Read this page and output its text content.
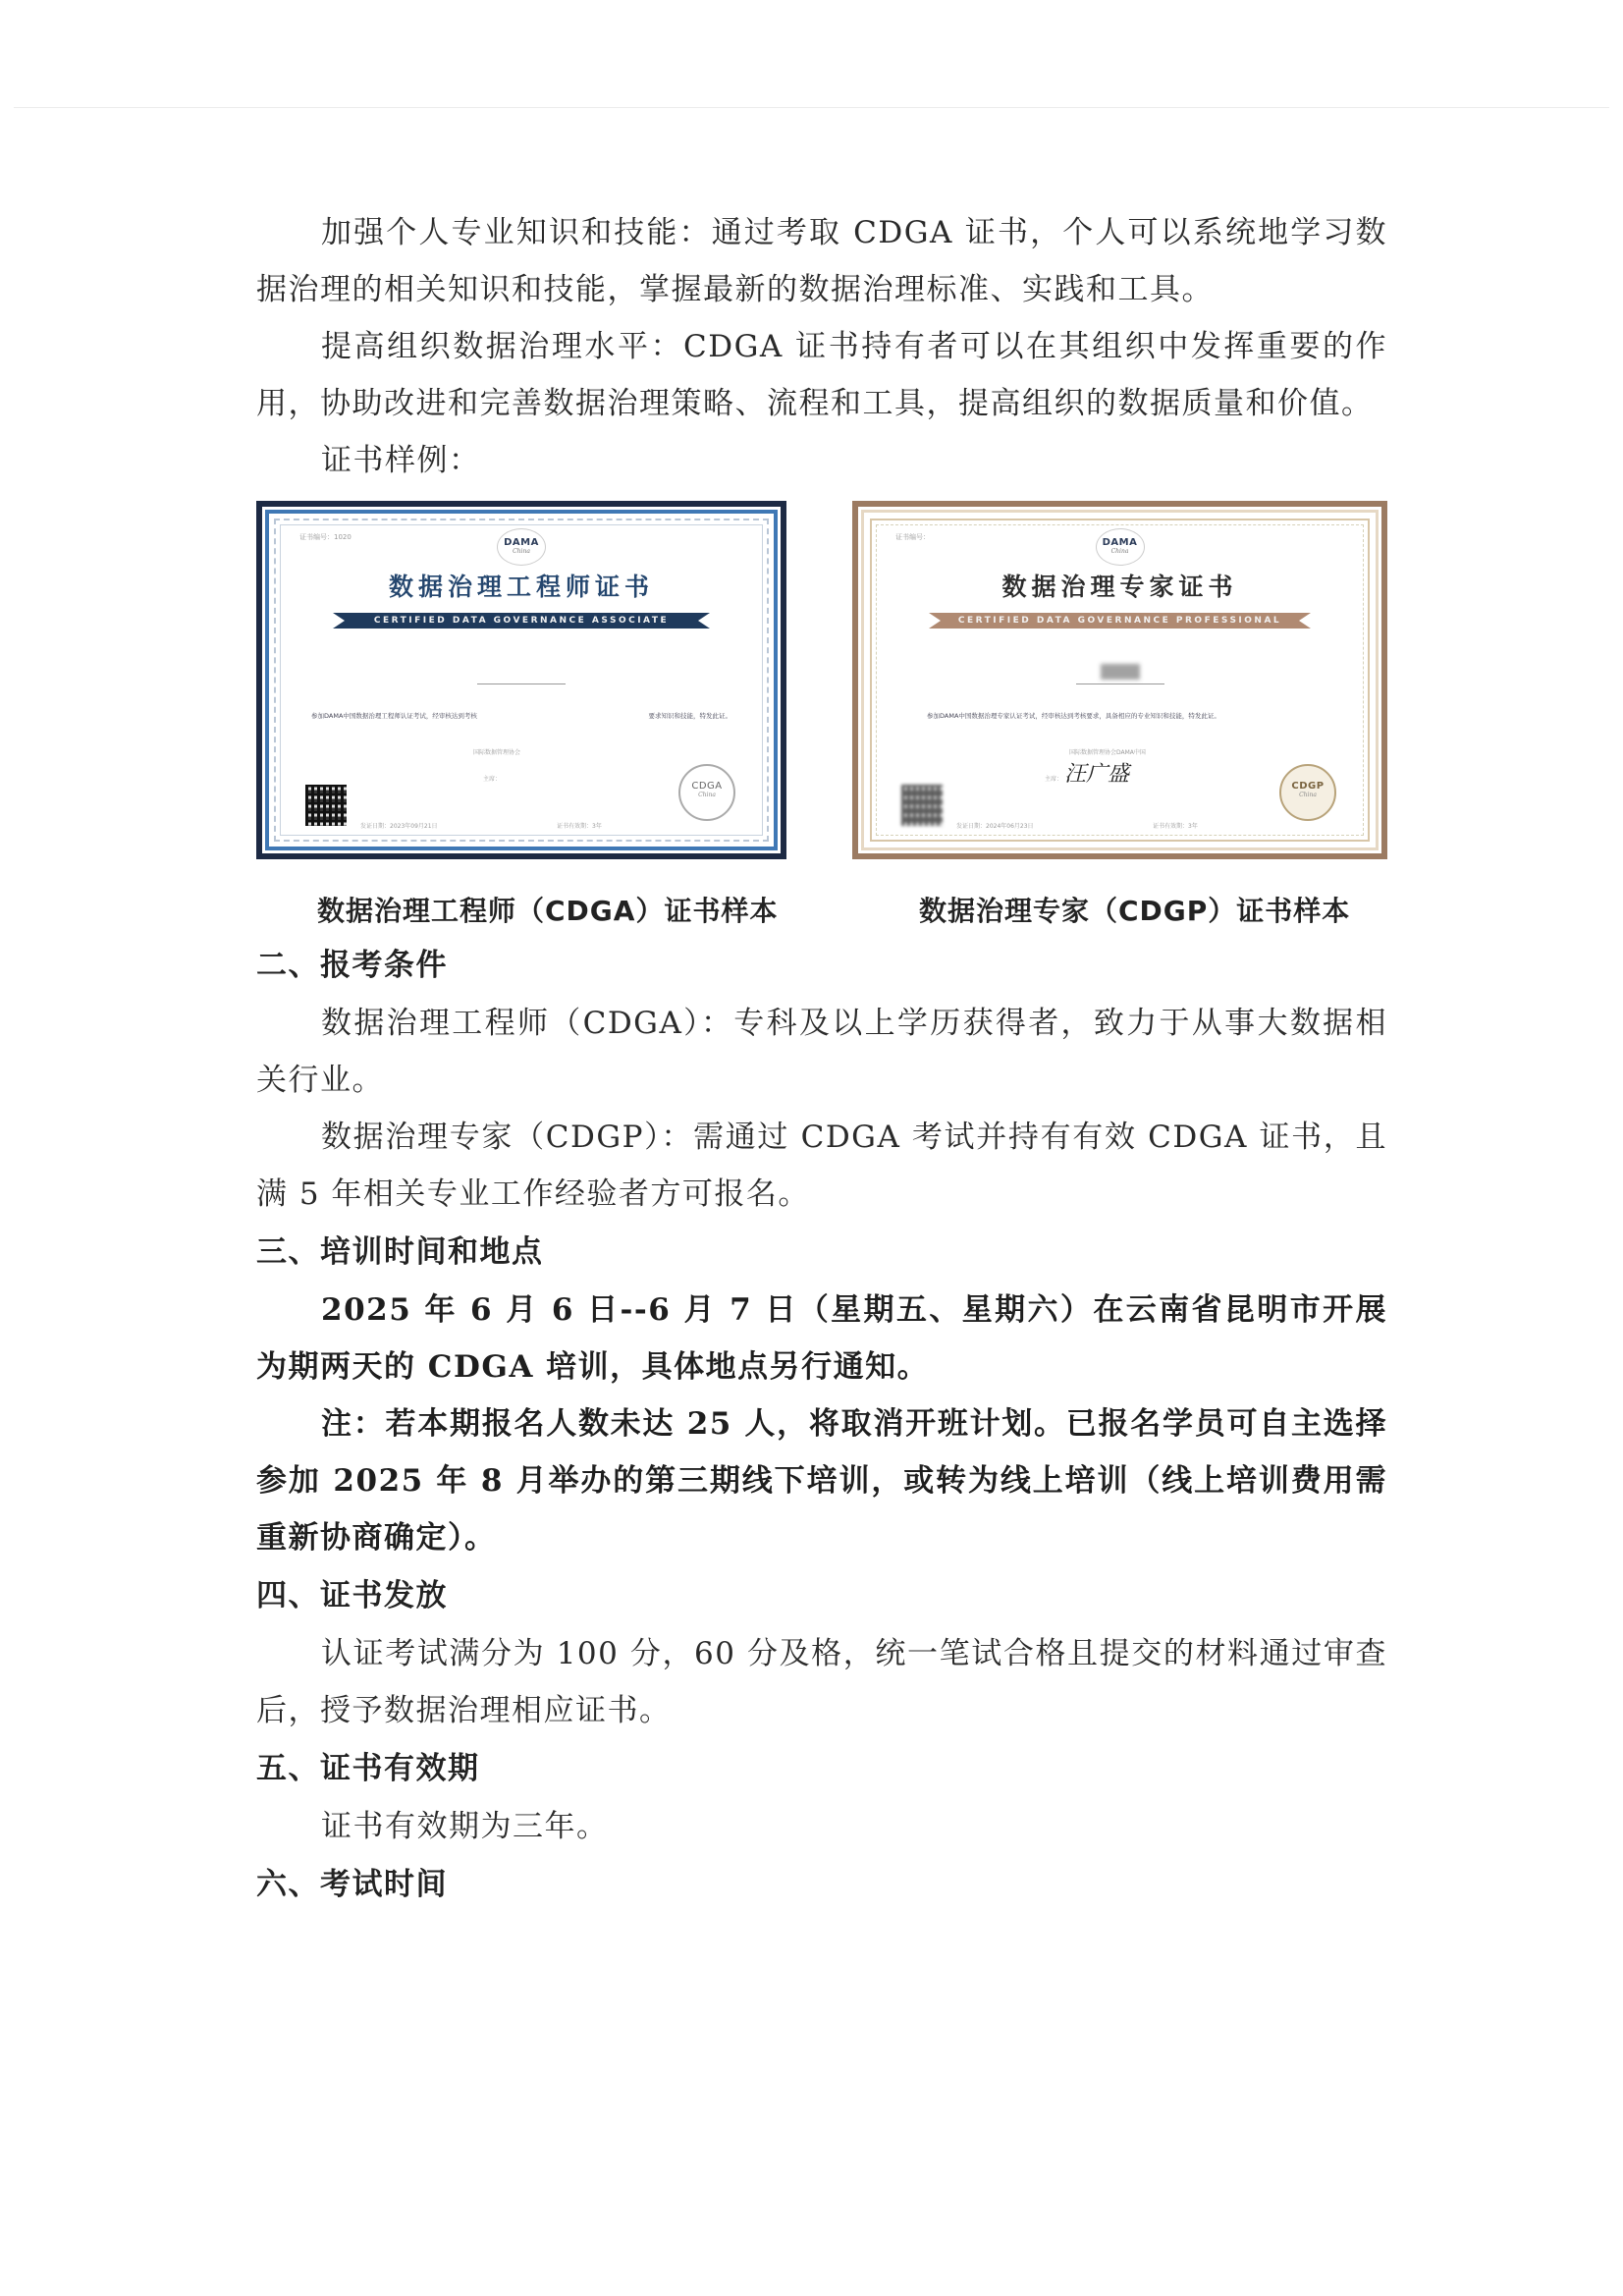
加强个人专业知识和技能：通过考取 CDGA 证书，个人可以系统地学习数据治理的相关知识和技能，掌握最新的数据治理标准、实践和工具。

提高组织数据治理水平：CDGA 证书持有者可以在其组织中发挥重要的作用，协助改进和完善数据治理策略、流程和工具，提高组织的数据质量和价值。

证书样例：

证书编号：1020	DAMA
China
数据治理工程师证书
CERTIFIED DATA GOVERNANCE ASSOCIATE
参加DAMA中国数据治理工程师认证考试，经审核达到考核	要求知识和技能，特发此证。
国际数据管理协会
主席：
发证日期：2023年09月21日	证书有效期：3年
CDGA
China
证书编号：	DAMA
China
数据治理专家证书
CERTIFIED DATA GOVERNANCE PROFESSIONAL
参加DAMA中国数据治理专家认证考试，经审核达到考核要求，具备相应的专业知识和技能，特发此证。
国际数据管理协会DAMA中国
主席： 汪广盛
发证日期：2024年06月23日	证书有效期：3年
CDGP
China
数据治理工程师（CDGA）证书样本	数据治理专家（CDGP）证书样本

二、报考条件

数据治理工程师（CDGA）：专科及以上学历获得者，致力于从事大数据相关行业。

数据治理专家（CDGP）：需通过 CDGA 考试并持有有效 CDGA 证书，且满 5 年相关专业工作经验者方可报名。

三、培训时间和地点

2025 年 6 月 6 日--6 月 7 日（星期五、星期六）在云南省昆明市开展为期两天的 CDGA 培训，具体地点另行通知。

注：若本期报名人数未达 25 人，将取消开班计划。已报名学员可自主选择参加 2025 年 8 月举办的第三期线下培训，或转为线上培训（线上培训费用需重新协商确定）。

四、证书发放

认证考试满分为 100 分，60 分及格，统一笔试合格且提交的材料通过审查后，授予数据治理相应证书。

五、证书有效期

证书有效期为三年。

六、考试时间
